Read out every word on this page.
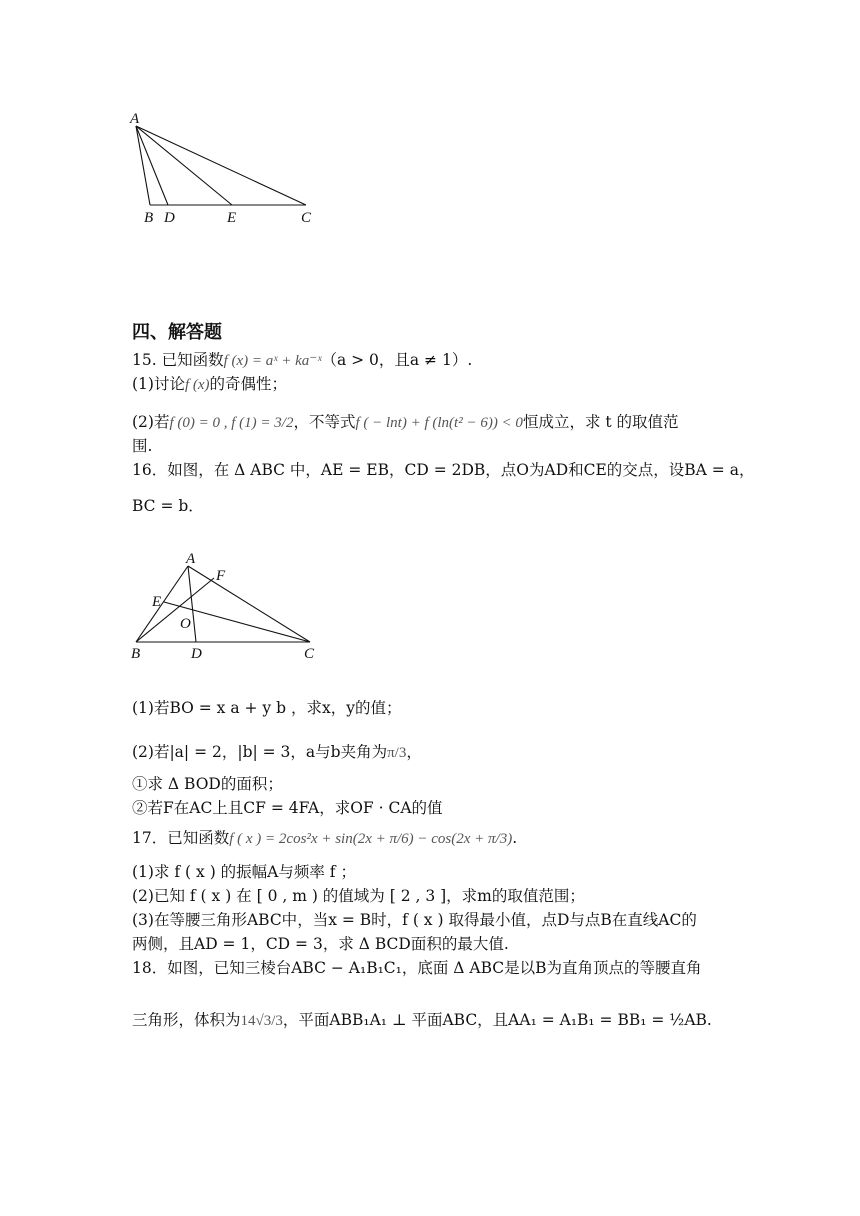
A
B D	E	C
四、解答题
15. 已知函数f (x) = aˣ + ka⁻ˣ（a > 0，且a ≠ 1）.
(1)讨论f (x)的奇偶性；
(2)若f (0) = 0 , f (1) = 3/2，不等式f ( − lnt) + f (ln(t² − 6)) < 0恒成立，求 t 的取值范
围.
16．如图，在 Δ ABC 中，AE = EB，CD = 2DB，点O为AD和CE的交点，设BA = a，
BC = b．
A
F
E
O
B	D	C
(1)若BO = x a + y b ，求x，y的值；
(2)若|a| = 2，|b| = 3，a与b夹角为π/3，
①求 Δ BOD的面积；
②若F在AC上且CF = 4FA，求OF · CA的值
17．已知函数f ( x ) = 2cos²x + sin(2x + π/6) − cos(2x + π/3).
(1)求 f ( x ) 的振幅A与频率 f ；
(2)已知 f ( x ) 在 [ 0 , m ) 的值域为 [ 2 , 3 ]，求m的取值范围；
(3)在等腰三角形ABC中，当x = B时，f ( x ) 取得最小值，点D与点B在直线AC的
两侧，且AD = 1，CD = 3，求 Δ BCD面积的最大值.
18．如图，已知三棱台ABC − A₁B₁C₁，底面 Δ ABC是以B为直角顶点的等腰直角
三角形，体积为14√3/3，平面ABB₁A₁ ⊥ 平面ABC，且AA₁ = A₁B₁ = BB₁ = ½AB.
